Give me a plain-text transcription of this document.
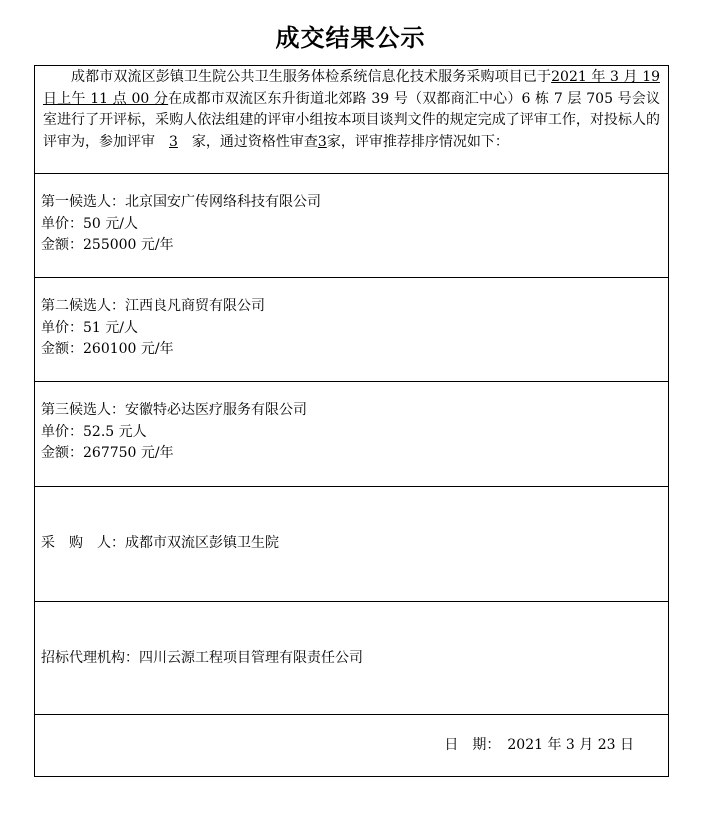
成交结果公示

成都市双流区彭镇卫生院公共卫生服务体检系统信息化技术服务采购项目已于2021 年 3 月 19 日上午 11 点 00 分在成都市双流区东升街道北郊路 39 号（双都商汇中心）6 栋 7 层 705 号会议室进行了开评标，采购人依法组建的评审小组按本项目谈判文件的规定完成了评审工作，对投标人的评审为，参加评审 3 家，通过资格性审查3家，评审推荐排序情况如下：

第一候选人：北京国安广传网络科技有限公司
单价：50 元/人
金额：255000 元/年
第二候选人：江西良凡商贸有限公司
单价：51 元/人
金额：260100 元/年
第三候选人：安徽特必达医疗服务有限公司
单价：52.5 元人
金额：267750 元/年
采　购　人：成都市双流区彭镇卫生院
招标代理机构：四川云源工程项目管理有限责任公司
日　期：　 2021 年 3 月 23 日
